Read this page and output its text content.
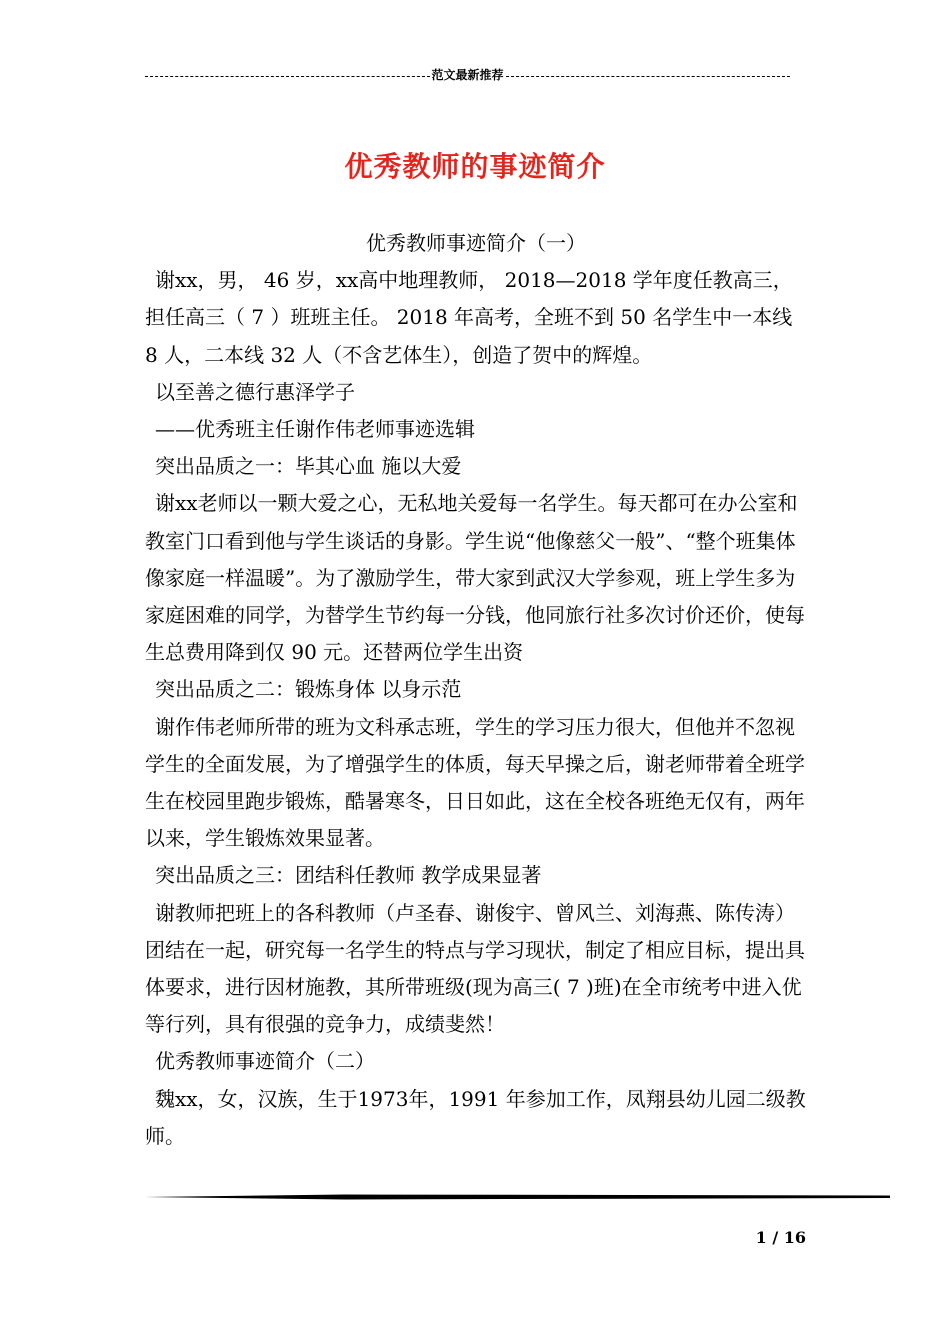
范文最新推荐
优秀教师的事迹简介

优秀教师事迹简介（一）

谢xx，男， 46 岁，xx高中地理教师， 2018—2018 学年度任教高三，担任高三（ 7 ）班班主任。 2018 年高考，全班不到 50 名学生中一本线 8 人，二本线 32 人（不含艺体生），创造了贺中的辉煌。

以至善之德行惠泽学子

——优秀班主任谢作伟老师事迹选辑

突出品质之一：毕其心血 施以大爱

谢xx老师以一颗大爱之心，无私地关爱每一名学生。每天都可在办公室和教室门口看到他与学生谈话的身影。学生说“他像慈父一般”、“整个班集体像家庭一样温暖”。为了激励学生，带大家到武汉大学参观，班上学生多为家庭困难的同学，为替学生节约每一分钱，他同旅行社多次讨价还价，使每生总费用降到仅 90 元。还替两位学生出资

突出品质之二：锻炼身体 以身示范

谢作伟老师所带的班为文科承志班，学生的学习压力很大，但他并不忽视学生的全面发展，为了增强学生的体质，每天早操之后，谢老师带着全班学生在校园里跑步锻炼，酷暑寒冬，日日如此，这在全校各班绝无仅有，两年以来，学生锻炼效果显著。

突出品质之三：团结科任教师 教学成果显著

谢教师把班上的各科教师（卢圣春、谢俊宇、曾风兰、刘海燕、陈传涛）团结在一起，研究每一名学生的特点与学习现状，制定了相应目标，提出具体要求，进行因材施教，其所带班级(现为高三( 7 )班)在全市统考中进入优等行列，具有很强的竞争力，成绩斐然！

优秀教师事迹简介（二）

魏xx，女，汉族，生于1973年，1991 年参加工作，凤翔县幼儿园二级教师。

1 / 16
